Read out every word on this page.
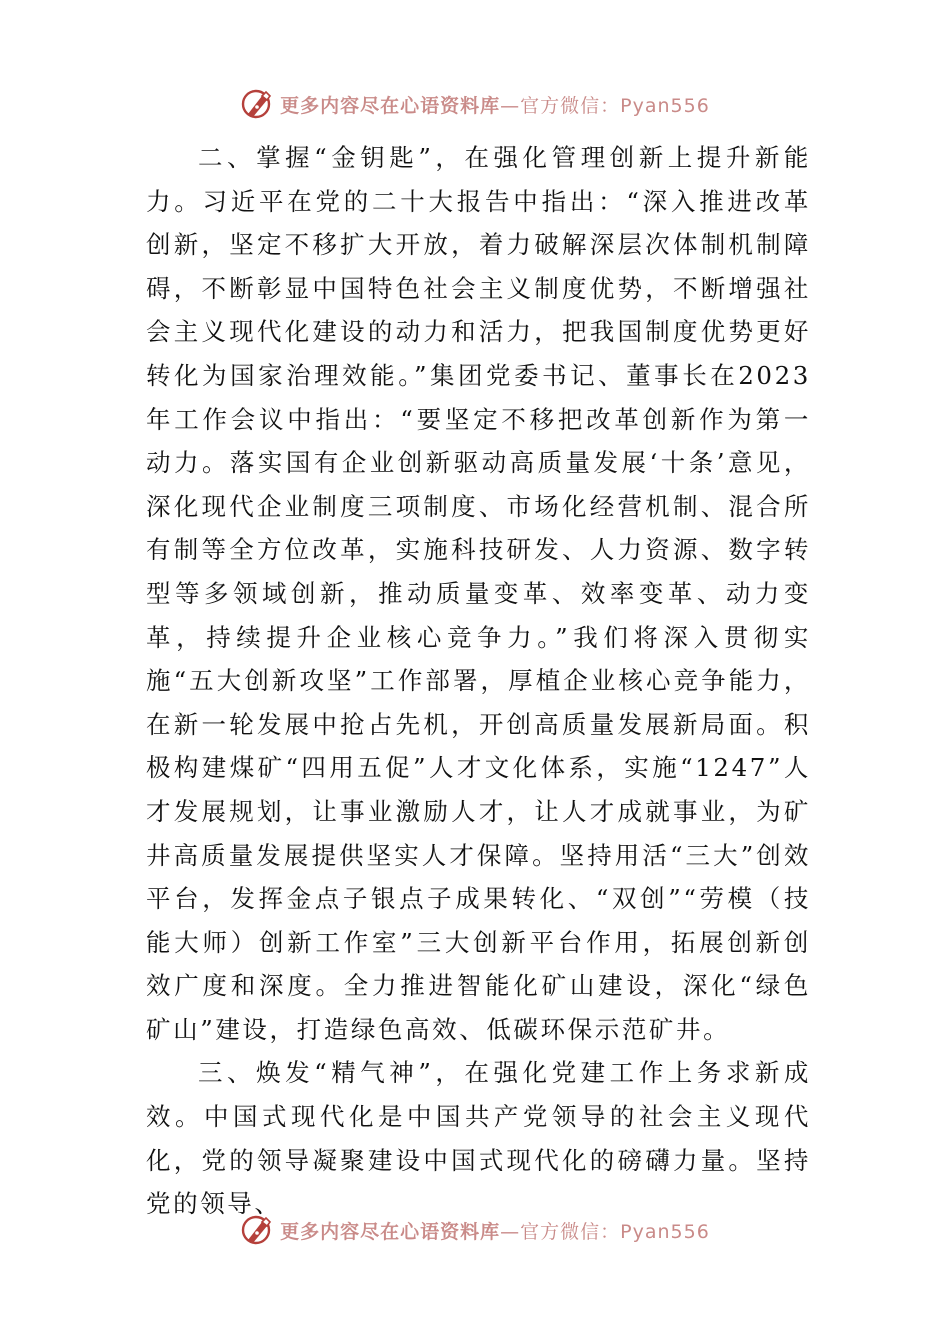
更多内容尽在心语资料库—官方微信：Pyan556

二、掌握“金钥匙”，在强化管理创新上提升新能力。习近平在党的二十大报告中指出：“深入推进改革创新，坚定不移扩大开放，着力破解深层次体制机制障碍，不断彰显中国特色社会主义制度优势，不断增强社会主义现代化建设的动力和活力，把我国制度优势更好转化为国家治理效能。”集团党委书记、董事长在2023年工作会议中指出：“要坚定不移把改革创新作为第一动力。落实国有企业创新驱动高质量发展‘十条’意见，深化现代企业制度三项制度、市场化经营机制、混合所有制等全方位改革，实施科技研发、人力资源、数字转型等多领域创新，推动质量变革、效率变革、动力变革，持续提升企业核心竞争力。”我们将深入贯彻实施“五大创新攻坚”工作部署，厚植企业核心竞争能力，在新一轮发展中抢占先机，开创高质量发展新局面。积极构建煤矿“四用五促”人才文化体系，实施“1247”人才发展规划，让事业激励人才，让人才成就事业，为矿井高质量发展提供坚实人才保障。坚持用活“三大”创效平台，发挥金点子银点子成果转化、“双创”“劳模（技能大师）创新工作室”三大创新平台作用，拓展创新创效广度和深度。全力推进智能化矿山建设，深化“绿色矿山”建设，打造绿色高效、低碳环保示范矿井。

三、焕发“精气神”，在强化党建工作上务求新成效。中国式现代化是中国共产党领导的社会主义现代化，党的领导凝聚建设中国式现代化的磅礴力量。坚持党的领导、

更多内容尽在心语资料库—官方微信：Pyan556
